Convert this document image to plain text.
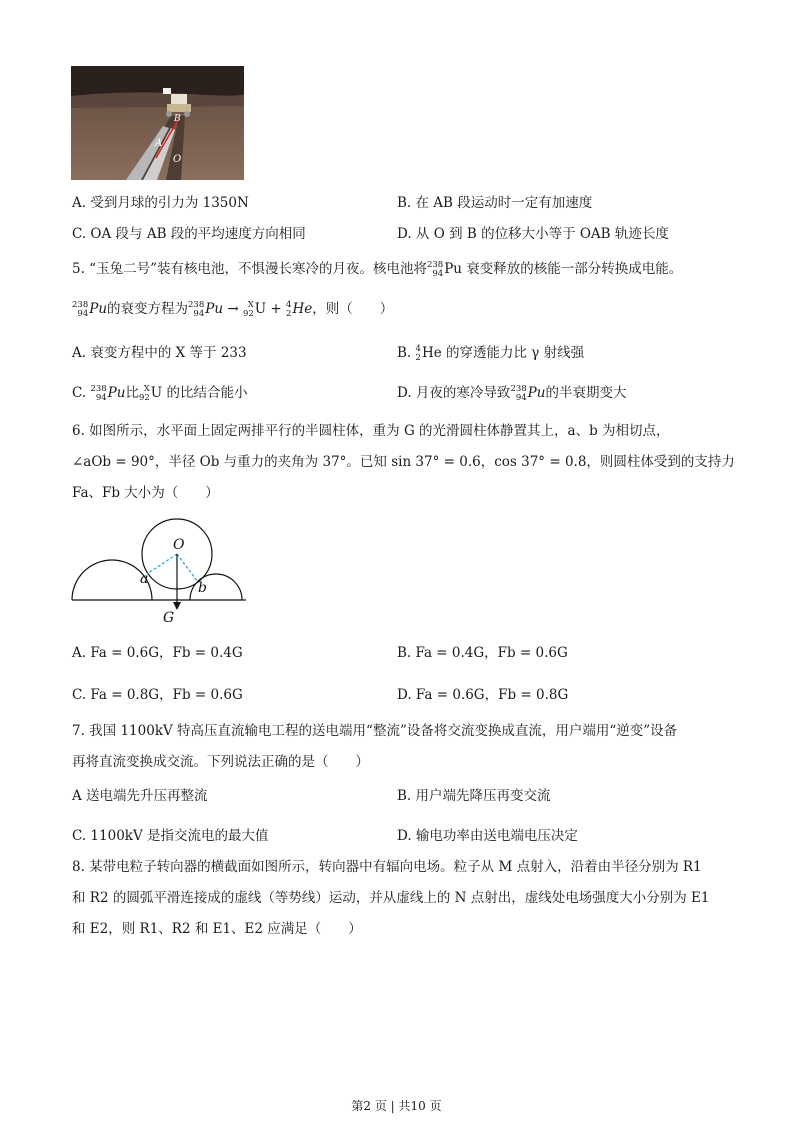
B
A
O
A. 受到月球的引力为 1350N	B. 在 AB 段运动时一定有加速度
C. OA 段与 AB 段的平均速度方向相同	D. 从 O 到 B 的位移大小等于 OAB 轨迹长度
5. “玉兔二号”装有核电池，不惧漫长寒冷的月夜。核电池将238
94Pu 衰变释放的核能一部分转换成电能。
238
94Pu的衰变方程为238
94Pu → X
92U + 4
2He，则（　　）
A. 衰变方程中的 X 等于 233	B. 4
2He 的穿透能力比 γ 射线强
C. 238
94Pu比 X
92U 的比结合能小	D. 月夜的寒冷导致238
94Pu的半衰期变大
6. 如图所示，水平面上固定两排平行的半圆柱体，重为 G 的光滑圆柱体静置其上，a、b 为相切点，
∠aOb = 90°，半径 Ob 与重力的夹角为 37°。已知 sin 37° = 0.6，cos 37° = 0.8，则圆柱体受到的支持力
Fa、Fb 大小为（　　）
O
a
b
G
A. Fa = 0.6G，Fb = 0.4G	B. Fa = 0.4G，Fb = 0.6G
C. Fa = 0.8G，Fb = 0.6G	D. Fa = 0.6G，Fb = 0.8G
7. 我国 1100kV 特高压直流输电工程的送电端用“整流”设备将交流变换成直流，用户端用“逆变”设备
再将直流变换成交流。下列说法正确的是（　　）
A 送电端先升压再整流	B. 用户端先降压再变交流
C. 1100kV 是指交流电的最大值	D. 输电功率由送电端电压决定
8. 某带电粒子转向器的横截面如图所示，转向器中有辐向电场。粒子从 M 点射入，沿着由半径分别为 R1
和 R2 的圆弧平滑连接成的虚线（等势线）运动，并从虚线上的 N 点射出，虚线处电场强度大小分别为 E1
和 E2，则 R1、R2 和 E1、E2 应满足（　　）
第2 页 | 共10 页
